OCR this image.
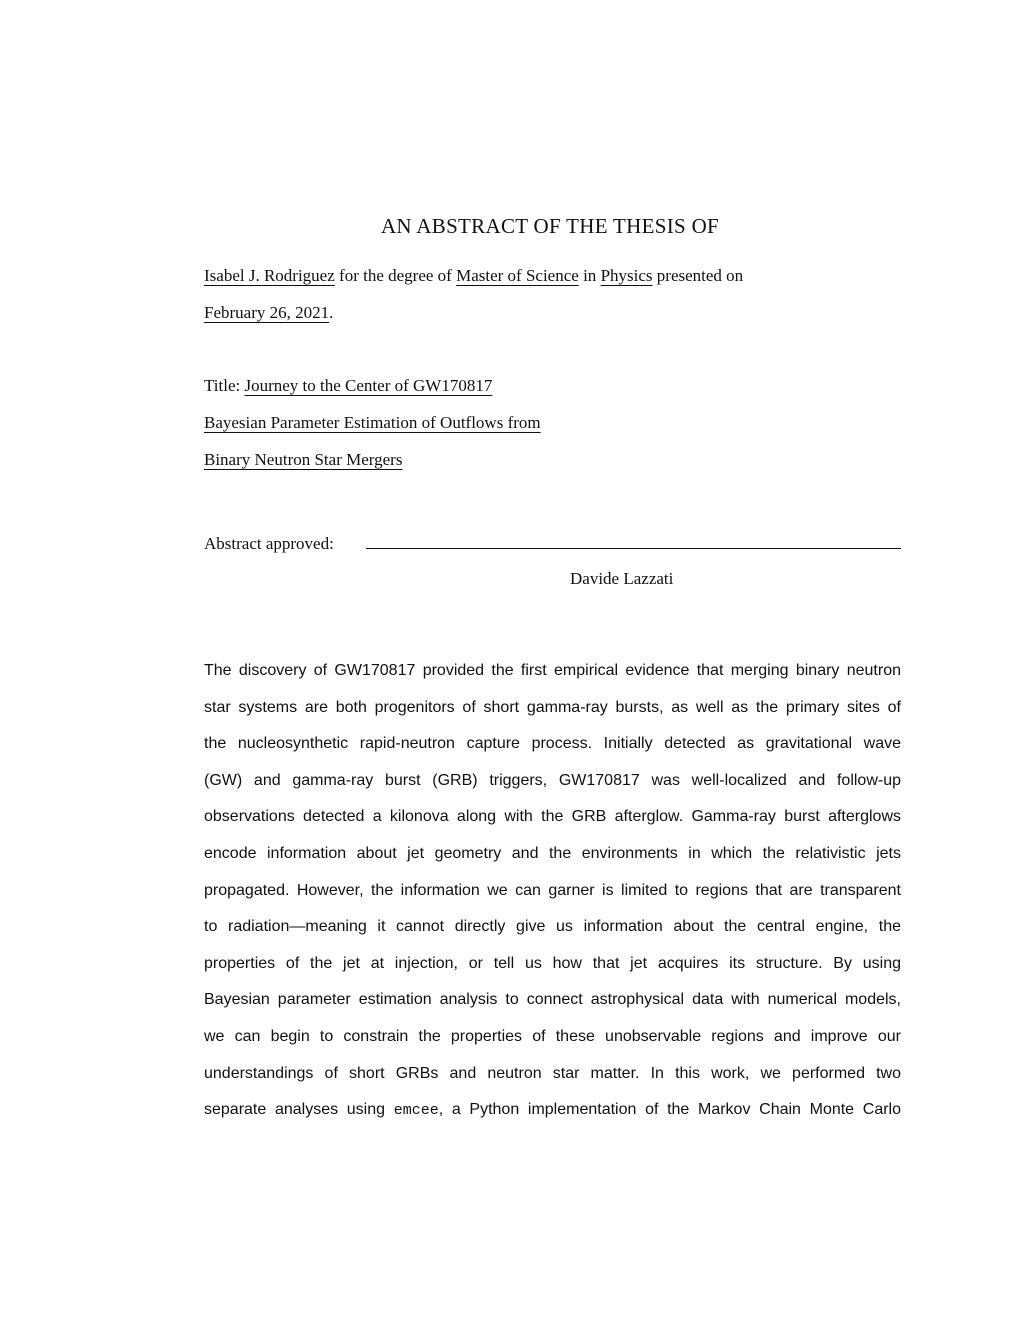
AN ABSTRACT OF THE THESIS OF
Isabel J. Rodriguez for the degree of Master of Science in Physics presented on
February 26, 2021.
Title: Journey to the Center of GW170817
Bayesian Parameter Estimation of Outflows from
Binary Neutron Star Mergers
Abstract approved:
Davide Lazzati
The discovery of GW170817 provided the first empirical evidence that merging binary neutron
star systems are both progenitors of short gamma-ray bursts, as well as the primary sites of
the nucleosynthetic rapid-neutron capture process. Initially detected as gravitational wave
(GW) and gamma-ray burst (GRB) triggers, GW170817 was well-localized and follow-up
observations detected a kilonova along with the GRB afterglow. Gamma-ray burst afterglows
encode information about jet geometry and the environments in which the relativistic jets
propagated. However, the information we can garner is limited to regions that are transparent
to radiation—meaning it cannot directly give us information about the central engine, the
properties of the jet at injection, or tell us how that jet acquires its structure. By using
Bayesian parameter estimation analysis to connect astrophysical data with numerical models,
we can begin to constrain the properties of these unobservable regions and improve our
understandings of short GRBs and neutron star matter. In this work, we performed two
separate analyses using emcee, a Python implementation of the Markov Chain Monte Carlo
